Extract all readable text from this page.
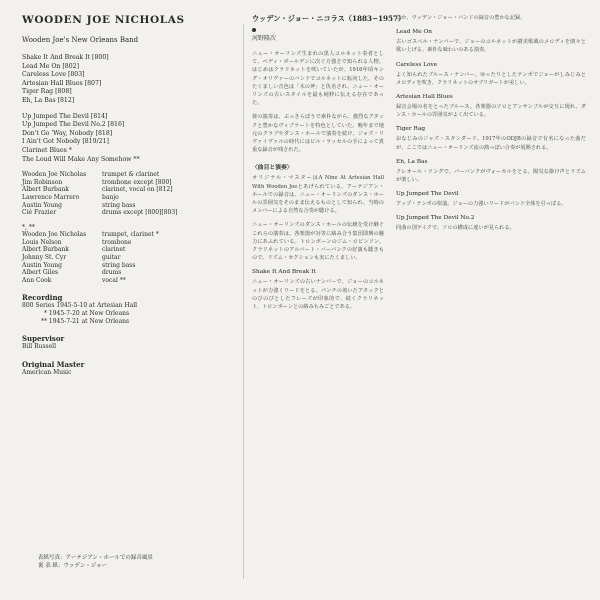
WOODEN JOE NICHOLAS
Wooden Joe's New Orleans Band
Shake It And Break It [800]
Lead Me On [802]
Careless Love [803]
Artesian Hall Blues [807]
Tiger Rag [808]
Eh, La Bas [812]
Up Jumped The Devil [814]
Up Jumped The Devil No.2 [816]
Don't Go 'Way, Nobody [818]
I Ain't Got Nobody [819/21]
Clarinet Blues *
The Loud Will Make Any Somehow **
Wooden Joe Nicholas	trumpet & clarinet
Jim Robinson	trombone except [800]
Albert Burbank	clarinet, vocal on [812]
Lawrence Marrero	banjo
Austin Young	string bass
Cié Frazier	drums except [800][803]
*, **
Wooden Joe Nicholas	trumpet, clarinet *
Louis Nelson	trombone
Albert Burbank	clarinet
Johnny St. Cyr	guitar
Austin Young	string bass
Albert Giles	drums
Ann Cook	vocal **
Recording
800 Series 1945-5-10 at Artesian Hall
* 1945-7-20 at New Orleans
** 1945-7-21 at New Orleans
Supervisor
Bill Russell
Original Master
American Music
表紙写真：アーテジアン・ホールでの録音風景
裏 表 紙：ウッデン・ジョー
ウッデン・ジョー・ニコラス（1883−1957）

河野隆次
ニュー・オーリンズ生まれの黒人コルネット奏者として、ベディ・ボールデンに次ぐ力強さで知られる人物。はじめはクラリネットを吹いていたが、1916年頃キング・オリヴァーのバンドでコルネットに転向した。そのたくましい音色は「木の斧」と仇名され、ニュー・オーリンズの古いスタイルを最も純粋に伝える存在であった。
彼の演奏は、ぶっきらぼうで素朴ながら、強烈なアタックと豊かなヴィブラートを特色としていた。晩年まで地元のクラブやダンス・ホールで演奏を続け、ジャズ・リヴァイヴァルの時代にはビル・ラッセルの手によって貴重な録音が残された。
〈曲目と演奏〉
オリジナル・マスターはA Nine At Artesian Hall With Wooden Joeとあげられている。アーテジアン・ホールでの録音は、ニュー・オーリンズのダンス・ホールの雰囲気をそのまま伝えるものとして知られ、当時のメンバーによる自然な合奏が聴ける。
ニュー・オーリンズのダンス・ホールの伝統を受け継ぐこれらの演奏は、各楽器が対等に絡み合う集団即興の魅力にあふれている。トロンボーンのジム・ロビンソン、クラリネットのアルバート・バーバンクの好演も聴きもので、リズム・セクションも実にたくましい。
Shake It And Break It
ニュー・オーリンズの古いナンバーで、ジョーのコルネットが力強くリードをとる。パンチの効いたアタックとのびのびとしたフレーズが印象的で、続くクラリネット、トロンボーンとの絡みもみごとである。
ほか、ウッデン・ジョー・バンドの録音の豊かな記録。
Lead Me On
古いゴスペル・ナンバーで、ジョーのコルネットが讃美歌風のメロディを朗々と歌い上げる。素朴な味わいのある演奏。
Careless Love
よく知られたブルース・ナンバー。ゆったりとしたテンポでジョーがしみじみとメロディを吹き、クラリネットのオブリガートが美しい。
Artesian Hall Blues
録音会場の名をとったブルース。各楽器のソロとアンサンブルが交互に現れ、ダンス・ホールの雰囲気がよく出ている。
Tiger Rag
おなじみのジャズ・スタンダード。1917年のODJBの録音で有名になった曲だが、ここではニュー・オーリンズ流の熱っぽい合奏が展開される。
Eh, La Bas
クレオール・ソングで、バーバンクがヴォーカルをとる。陽気な掛け声とリズムが楽しい。
Up Jumped The Devil
アップ・テンポの快演。ジョーの力強いリードがバンド全体を引っぱる。
Up Jumped The Devil No.2
同曲の別テイクで、ソロの構成に違いが見られる。
